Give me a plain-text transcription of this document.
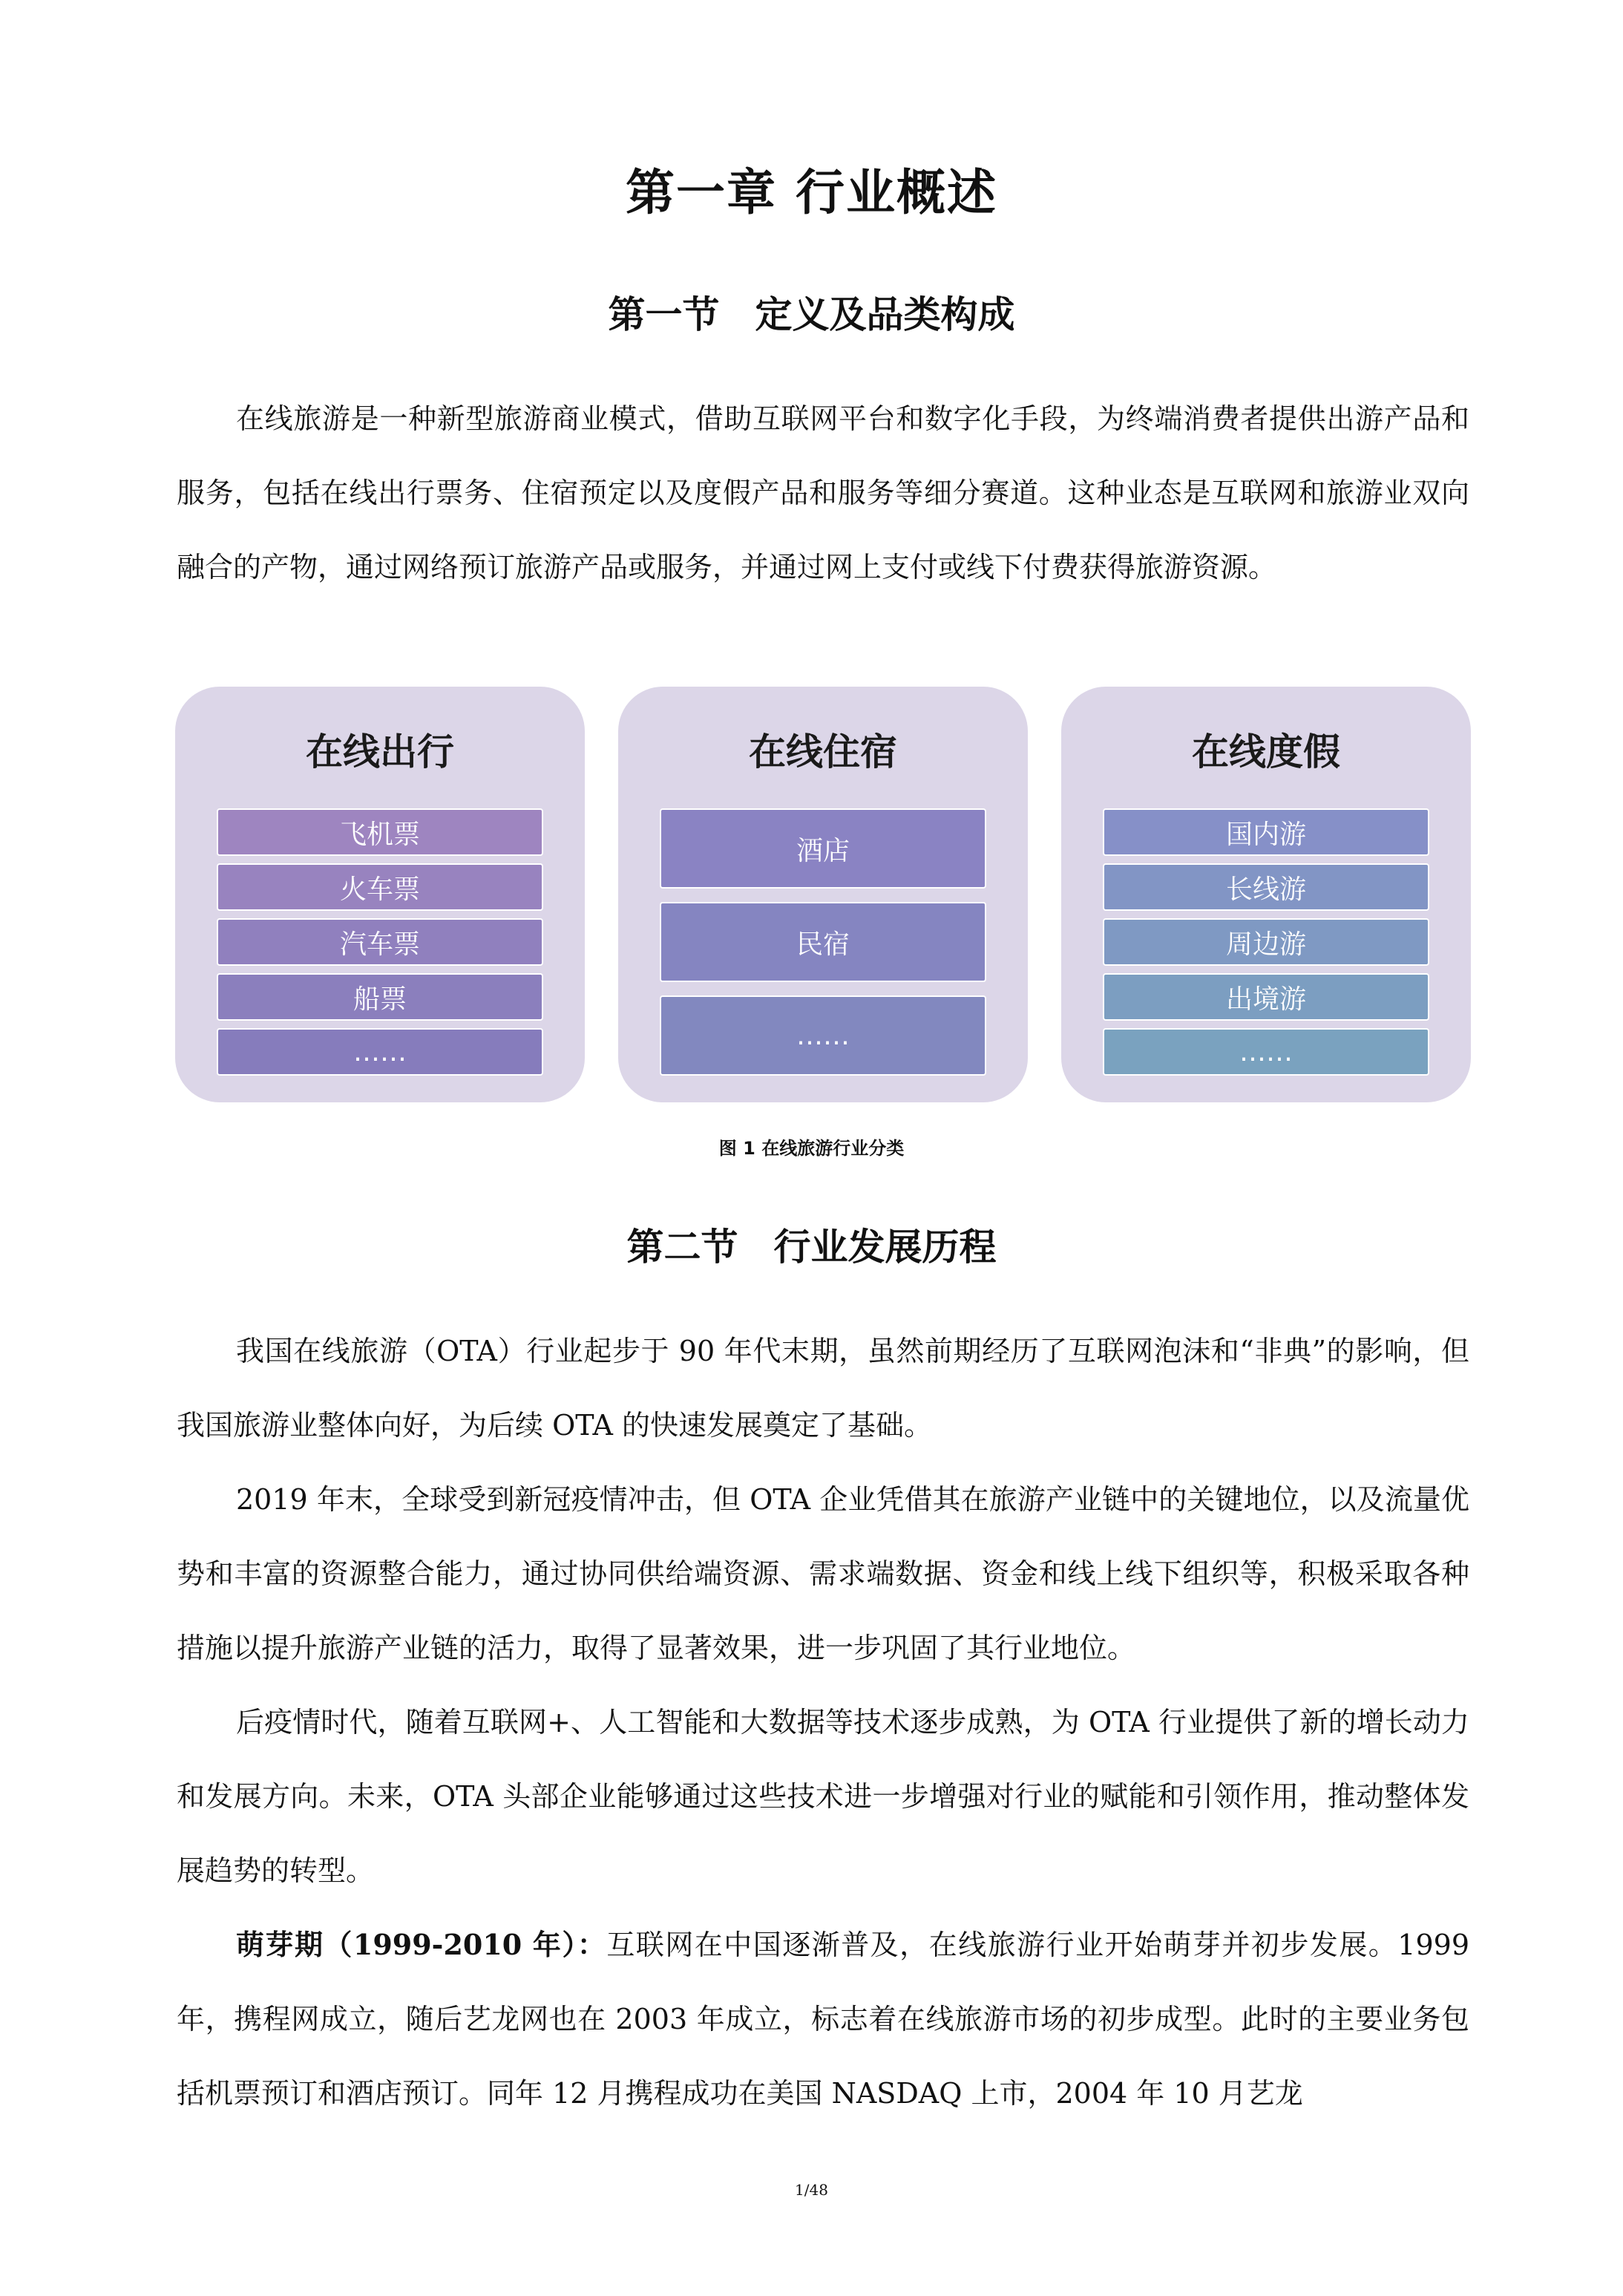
第一章 行业概述
第一节 定义及品类构成

在线旅游是一种新型旅游商业模式，借助互联网平台和数字化手段，为终端消费者提供出游产品和服务，包括在线出行票务、住宿预定以及度假产品和服务等细分赛道。这种业态是互联网和旅游业双向融合的产物，通过网络预订旅游产品或服务，并通过网上支付或线下付费获得旅游资源。

在线出行
飞机票
火车票
汽车票
船票
……
在线住宿
酒店
民宿
……
在线度假
国内游
长线游
周边游
出境游
……
图 1 在线旅游行业分类
第二节 行业发展历程

我国在线旅游（OTA）行业起步于 90 年代末期，虽然前期经历了互联网泡沫和“非典”的影响，但我国旅游业整体向好，为后续 OTA 的快速发展奠定了基础。

2019 年末，全球受到新冠疫情冲击，但 OTA 企业凭借其在旅游产业链中的关键地位，以及流量优势和丰富的资源整合能力，通过协同供给端资源、需求端数据、资金和线上线下组织等，积极采取各种措施以提升旅游产业链的活力，取得了显著效果，进一步巩固了其行业地位。

后疫情时代，随着互联网+、人工智能和大数据等技术逐步成熟，为 OTA 行业提供了新的增长动力和发展方向。未来，OTA 头部企业能够通过这些技术进一步增强对行业的赋能和引领作用，推动整体发展趋势的转型。

萌芽期（1999-2010 年）：互联网在中国逐渐普及，在线旅游行业开始萌芽并初步发展。1999 年，携程网成立，随后艺龙网也在 2003 年成立，标志着在线旅游市场的初步成型。此时的主要业务包括机票预订和酒店预订。同年 12 月携程成功在美国 NASDAQ 上市，2004 年 10 月艺龙

1/48
